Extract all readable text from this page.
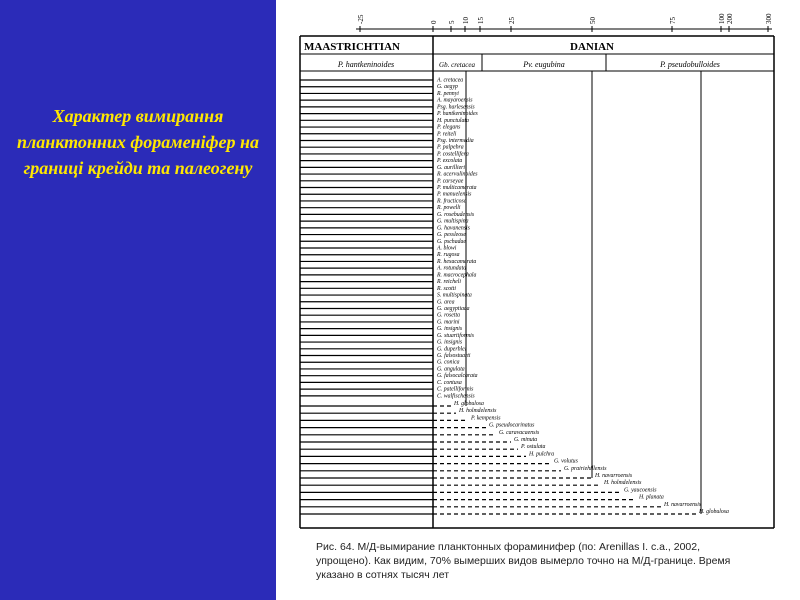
Характер вимирання планктонних форамeніфер на границі крейди та палеогену
-25	0 5 10 15	25	50	75	100 200	300
MAASTRICHTIAN	DANIAN
P. hantkeninoides	Gb. cretacea	Pv. eugubina	P. pseudobulloides
A. cretacea
G. aegyp
R. pennyi
A. mayaroensis
Psg. harlesensis
P. hantkeninoides
H. punctulata
P. elegans
P. reiteli
Psg. intermedia
P. palpebra
P. costellifera
P. excolata
G. aurillieri
R. acervulinoides
P. carseyae
P. multicamerata
P. manuelensis
R. fructicosa
R. powelli
G. rosebudensis
G. multispina
G. havanensis
G. pessleose
G. pschadae
A. blowi
R. rugosa
R. hexacamerata
A. rotundata
R. macrocephala
R. reicheli
R. scotti
S. multispinata
G. area
G. aegyptiaca
G. rosetta
G. marini
G. insignis
G. stuartiformis
G. insignis
G. duperblei
G. falsostuarti
G. conica
G. angulata
G. falsocalcarata
C. contusa
C. patelliformis
C. walfischensis
H. globulosa
H. holmdelensis
P. kempensis
G. pseudocarinatus
G. caravacaensis
G. minuta
P. ostulata
H. pulchra
G. volutus
G. prairiehillensis
H. navarroensis
H. holmdelensis
G. yaucoensis
H. planata
H. navarroensis
H. globulosa
Рис. 64. М/Д-вымирание планктонных фораминифер (по: Arenillas I. c.a., 2002, упрощено). Как видим, 70% вымерших видов вымерло точно на М/Д-границе. Время указано в сотнях тысяч лет
